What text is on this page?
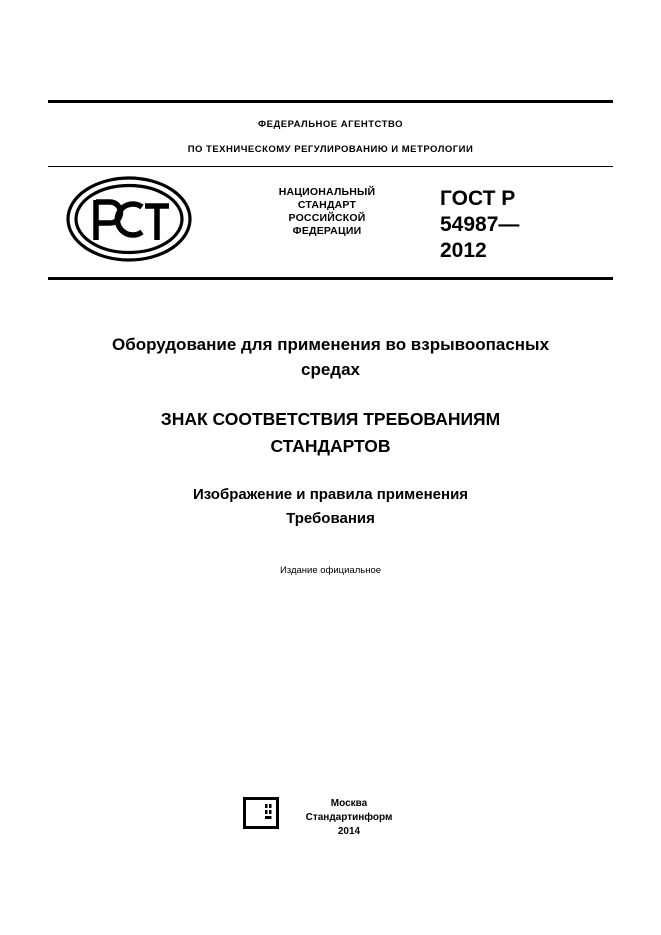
ФЕДЕРАЛЬНОЕ АГЕНТСТВО
ПО ТЕХНИЧЕСКОМУ РЕГУЛИРОВАНИЮ И МЕТРОЛОГИИ
НАЦИОНАЛЬНЫЙ
СТАНДАРТ
РОССИЙСКОЙ
ФЕДЕРАЦИИ
ГОСТ Р
54987—
2012
Оборудование для применения во взрывоопасных
средах
ЗНАК СООТВЕТСТВИЯ ТРЕБОВАНИЯМ
СТАНДАРТОВ
Изображение и правила применения
Требования
Издание официальное
Москва
Стандартинформ
2014
